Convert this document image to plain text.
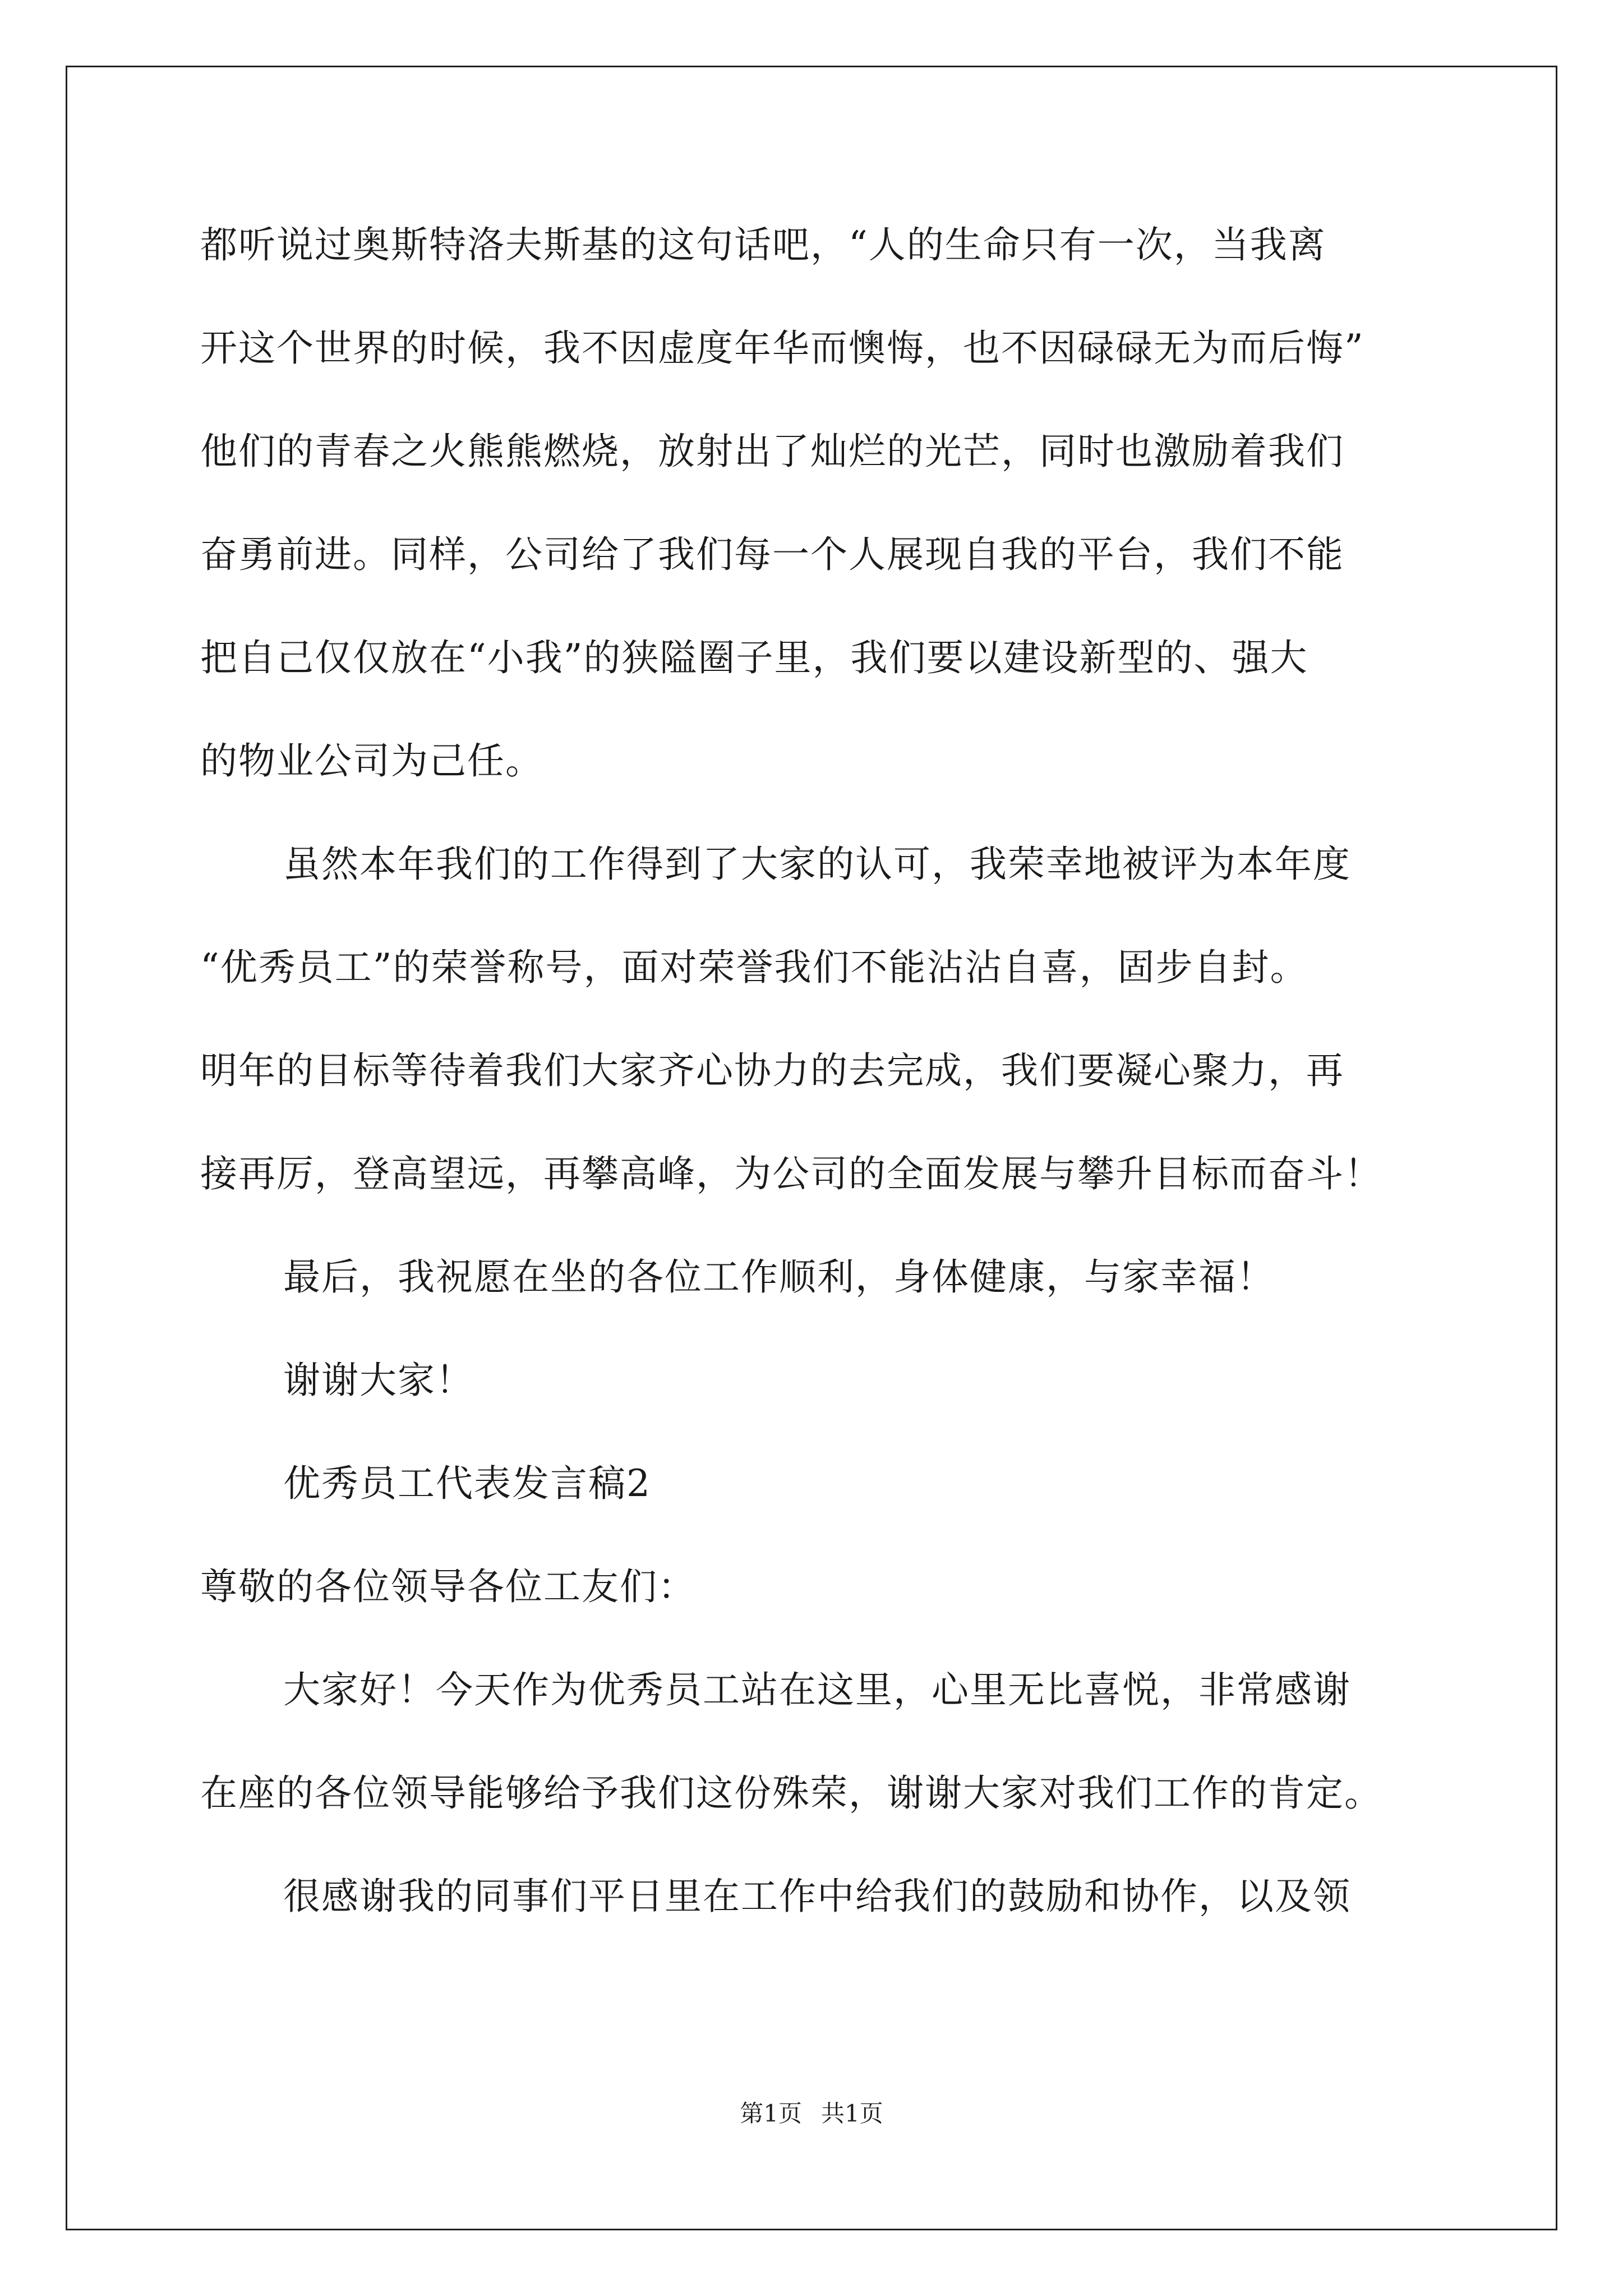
都听说过奥斯特洛夫斯基的这句话吧，“人的生命只有一次，当我离
开这个世界的时候，我不因虚度年华而懊悔，也不因碌碌无为而后悔”
他们的青春之火熊熊燃烧，放射出了灿烂的光芒，同时也激励着我们
奋勇前进。同样，公司给了我们每一个人展现自我的平台，我们不能
把自己仅仅放在“小我”的狭隘圈子里，我们要以建设新型的、强大
的物业公司为己任。
虽然本年我们的工作得到了大家的认可，我荣幸地被评为本年度
“优秀员工”的荣誉称号，面对荣誉我们不能沾沾自喜，固步自封。
明年的目标等待着我们大家齐心协力的去完成，我们要凝心聚力，再
接再厉，登高望远，再攀高峰，为公司的全面发展与攀升目标而奋斗！
最后，我祝愿在坐的各位工作顺利，身体健康，与家幸福！
谢谢大家！
优秀员工代表发言稿2
尊敬的各位领导各位工友们：
大家好！今天作为优秀员工站在这里，心里无比喜悦，非常感谢
在座的各位领导能够给予我们这份殊荣，谢谢大家对我们工作的肯定。
很感谢我的同事们平日里在工作中给我们的鼓励和协作，以及领
第1页 共1页
